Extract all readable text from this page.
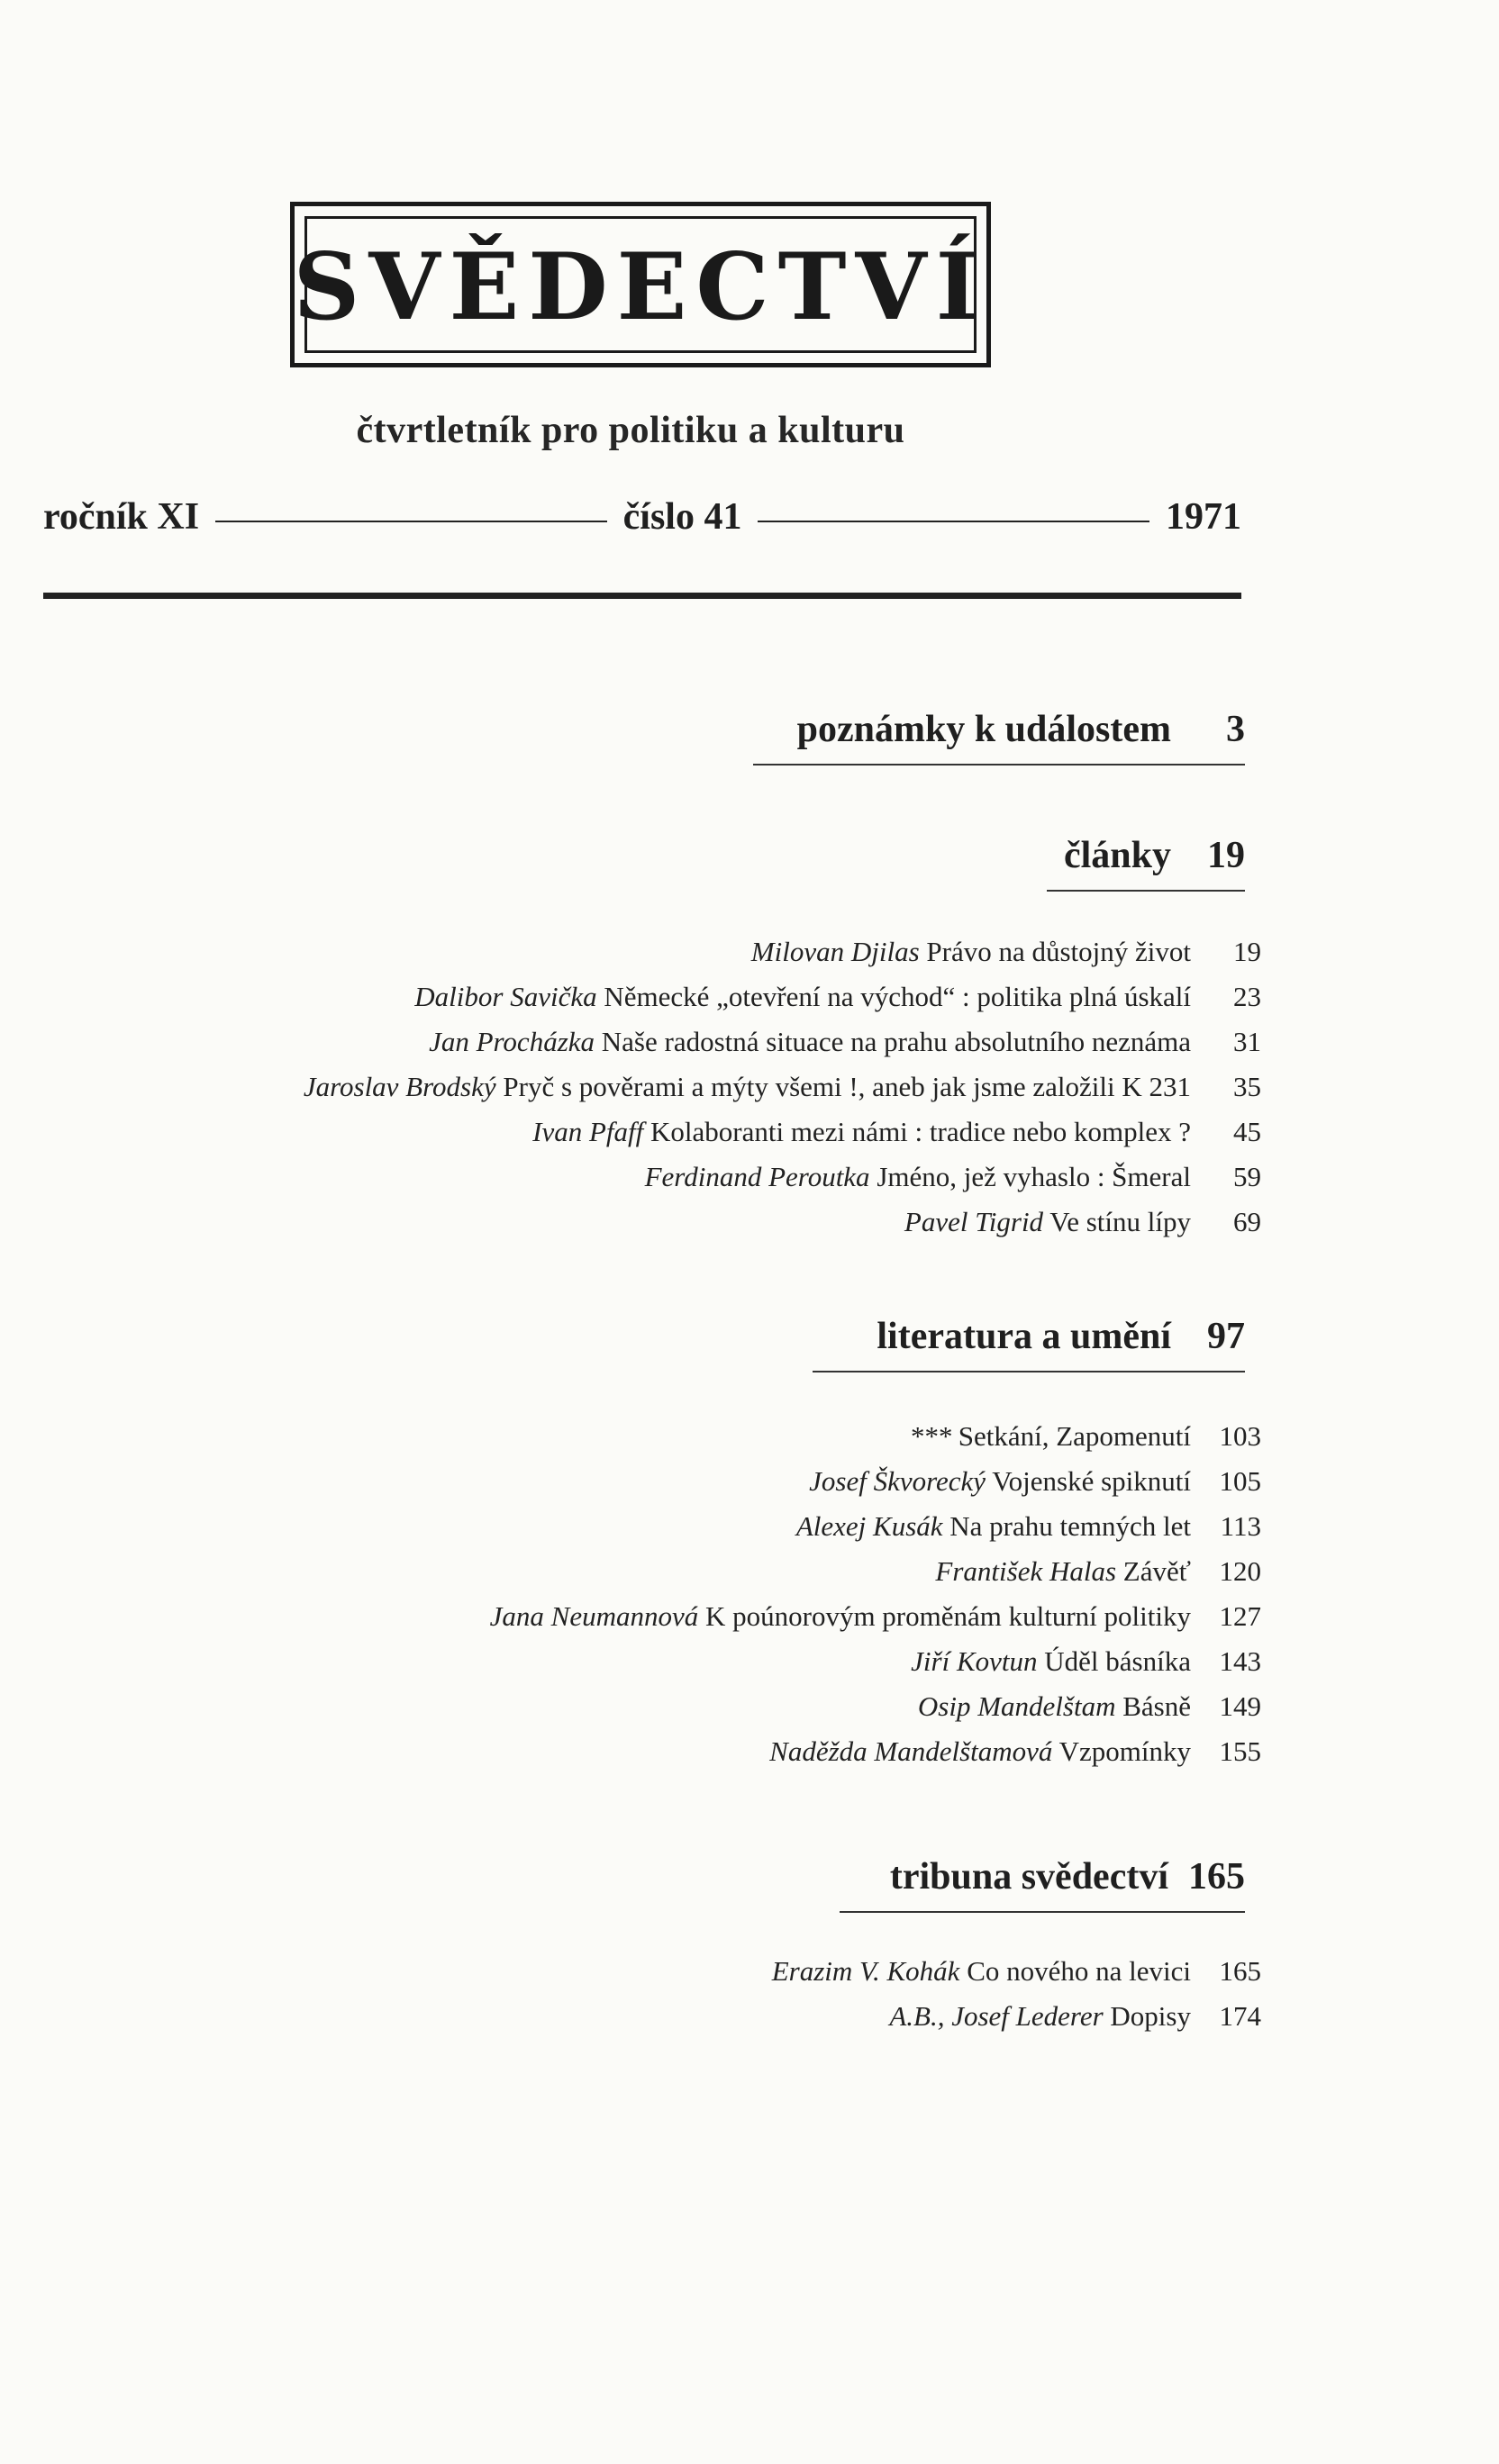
SVĚDECTVÍ
čtvrtletník pro politiku a kulturu
ročník XI	číslo 41	1971
poznámky k událostem 3
články 19
Milovan Djilas Právo na důstojný život 19
Dalibor Savička Německé „otevření na východ“ : politika plná úskalí 23
Jan Procházka Naše radostná situace na prahu absolutního neznáma 31
Jaroslav Brodský Pryč s pověrami a mýty všemi !, aneb jak jsme založili K 231 35
Ivan Pfaff Kolaboranti mezi námi : tradice nebo komplex ? 45
Ferdinand Peroutka Jméno, jež vyhaslo : Šmeral 59
Pavel Tigrid Ve stínu lípy 69
literatura a umění 97
*** Setkání, Zapomenutí 103
Josef Škvorecký Vojenské spiknutí 105
Alexej Kusák Na prahu temných let 113
František Halas Závěť 120
Jana Neumannová K poúnorovým proměnám kulturní politiky 127
Jiří Kovtun Úděl básníka 143
Osip Mandelštam Básně 149
Naděžda Mandelštamová Vzpomínky 155
tribuna svědectví 165
Erazim V. Kohák Co nového na levici 165
A.B., Josef Lederer Dopisy 174
